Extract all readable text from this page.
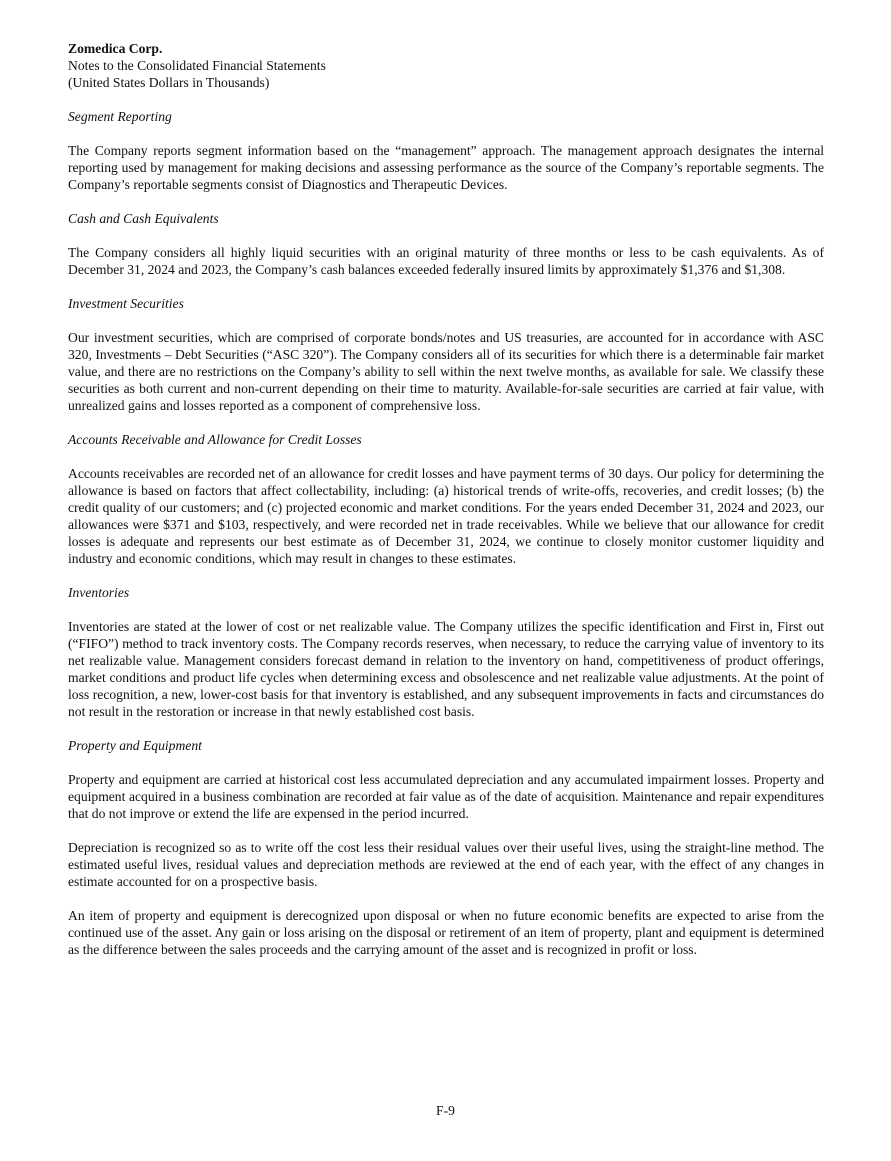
Zomedica Corp.
Notes to the Consolidated Financial Statements
(United States Dollars in Thousands)

Segment Reporting

The Company reports segment information based on the “management” approach. The management approach designates the internal reporting used by management for making decisions and assessing performance as the source of the Company’s reportable segments. The Company’s reportable segments consist of Diagnostics and Therapeutic Devices.

Cash and Cash Equivalents

The Company considers all highly liquid securities with an original maturity of three months or less to be cash equivalents. As of December 31, 2024 and 2023, the Company’s cash balances exceeded federally insured limits by approximately $1,376 and $1,308.

Investment Securities

Our investment securities, which are comprised of corporate bonds/notes and US treasuries, are accounted for in accordance with ASC 320, Investments – Debt Securities (“ASC 320”). The Company considers all of its securities for which there is a determinable fair market value, and there are no restrictions on the Company’s ability to sell within the next twelve months, as available for sale. We classify these securities as both current and non-current depending on their time to maturity. Available-for-sale securities are carried at fair value, with unrealized gains and losses reported as a component of comprehensive loss.

Accounts Receivable and Allowance for Credit Losses

Accounts receivables are recorded net of an allowance for credit losses and have payment terms of 30 days. Our policy for determining the allowance is based on factors that affect collectability, including: (a) historical trends of write-offs, recoveries, and credit losses; (b) the credit quality of our customers; and (c) projected economic and market conditions. For the years ended December 31, 2024 and 2023, our allowances were $371 and $103, respectively, and were recorded net in trade receivables. While we believe that our allowance for credit losses is adequate and represents our best estimate as of December 31, 2024, we continue to closely monitor customer liquidity and industry and economic conditions, which may result in changes to these estimates.

Inventories

Inventories are stated at the lower of cost or net realizable value. The Company utilizes the specific identification and First in, First out (“FIFO”) method to track inventory costs. The Company records reserves, when necessary, to reduce the carrying value of inventory to its net realizable value. Management considers forecast demand in relation to the inventory on hand, competitiveness of product offerings, market conditions and product life cycles when determining excess and obsolescence and net realizable value adjustments. At the point of loss recognition, a new, lower-cost basis for that inventory is established, and any subsequent improvements in facts and circumstances do not result in the restoration or increase in that newly established cost basis.

Property and Equipment

Property and equipment are carried at historical cost less accumulated depreciation and any accumulated impairment losses. Property and equipment acquired in a business combination are recorded at fair value as of the date of acquisition. Maintenance and repair expenditures that do not improve or extend the life are expensed in the period incurred.

Depreciation is recognized so as to write off the cost less their residual values over their useful lives, using the straight-line method. The estimated useful lives, residual values and depreciation methods are reviewed at the end of each year, with the effect of any changes in estimate accounted for on a prospective basis.

An item of property and equipment is derecognized upon disposal or when no future economic benefits are expected to arise from the continued use of the asset. Any gain or loss arising on the disposal or retirement of an item of property, plant and equipment is determined as the difference between the sales proceeds and the carrying amount of the asset and is recognized in profit or loss.

F-9
